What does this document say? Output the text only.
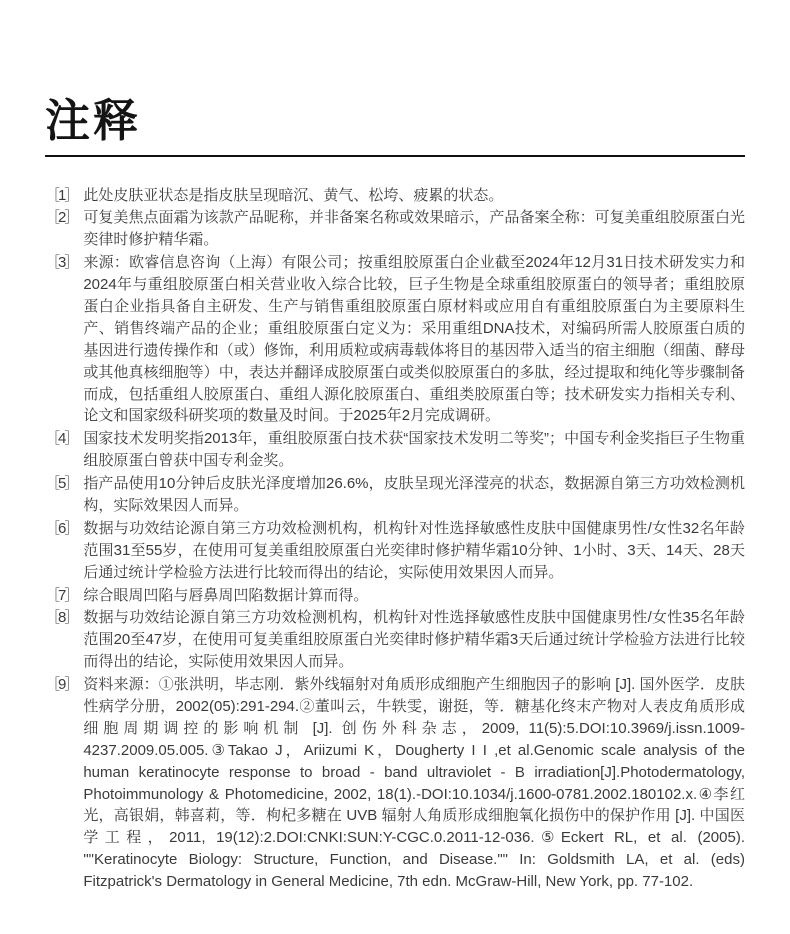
注释
［1］ 此处皮肤亚状态是指皮肤呈现暗沉、黄气、松垮、疲累的状态。
［2］ 可复美焦点面霜为该款产品昵称，并非备案名称或效果暗示，产品备案全称：可复美重组胶原蛋白光奕律时修护精华霜。
［3］ 来源：欧睿信息咨询（上海）有限公司；按重组胶原蛋白企业截至2024年12月31日技术研发实力和2024年与重组胶原蛋白相关营业收入综合比较，巨子生物是全球重组胶原蛋白的领导者；重组胶原蛋白企业指具备自主研发、生产与销售重组胶原蛋白原材料或应用自有重组胶原蛋白为主要原料生产、销售终端产品的企业；重组胶原蛋白定义为：采用重组DNA技术，对编码所需人胶原蛋白质的基因进行遗传操作和（或）修饰，利用质粒或病毒载体将目的基因带入适当的宿主细胞（细菌、酵母或其他真核细胞等）中，表达并翻译成胶原蛋白或类似胶原蛋白的多肽，经过提取和纯化等步骤制备而成，包括重组人胶原蛋白、重组人源化胶原蛋白、重组类胶原蛋白等；技术研发实力指相关专利、论文和国家级科研奖项的数量及时间。于2025年2月完成调研。
［4］ 国家技术发明奖指2013年，重组胶原蛋白技术获“国家技术发明二等奖”；中国专利金奖指巨子生物重组胶原蛋白曾获中国专利金奖。
［5］ 指产品使用10分钟后皮肤光泽度增加26.6%，皮肤呈现光泽滢亮的状态，数据源自第三方功效检测机构，实际效果因人而异。
［6］ 数据与功效结论源自第三方功效检测机构，机构针对性选择敏感性皮肤中国健康男性/女性32名年龄范围31至55岁，在使用可复美重组胶原蛋白光奕律时修护精华霜10分钟、1小时、3天、14天、28天后通过统计学检验方法进行比较而得出的结论，实际使用效果因人而异。
［7］ 综合眼周凹陷与唇鼻周凹陷数据计算而得。
［8］ 数据与功效结论源自第三方功效检测机构，机构针对性选择敏感性皮肤中国健康男性/女性35名年龄范围20至47岁，在使用可复美重组胶原蛋白光奕律时修护精华霜3天后通过统计学检验方法进行比较而得出的结论，实际使用效果因人而异。
［9］ 资料来源：①张洪明，毕志刚．紫外线辐射对角质形成细胞产生细胞因子的影响 [J]. 国外医学．皮肤性病学分册，2002(05):291-294.②董叫云，牛轶雯，谢挺，等．糖基化终末产物对人表皮角质形成细胞周期调控的影响机制 [J]. 创伤外科杂志，2009, 11(5):5.DOI:10.3969/j.issn.1009-4237.2009.05.005.③Takao J，Ariizumi K，Dougherty I I ,et al.Genomic scale analysis of the human keratinocyte response to broad - band ultraviolet - B irradiation[J].Photodermatology, Photoimmunology & Photomedicine, 2002, 18(1).-DOI:10.1034/j.1600-0781.2002.180102.x.④李红光，高银娟，韩喜莉，等．枸杞多糖在 UVB 辐射人角质形成细胞氧化损伤中的保护作用 [J]. 中国医学工程，2011, 19(12):2.DOI:CNKI:SUN:Y-CGC.0.2011-12-036.⑤Eckert RL, et al. (2005). ""Keratinocyte Biology: Structure, Function, and Disease."" In: Goldsmith LA, et al. (eds) Fitzpatrick's Dermatology in General Medicine, 7th edn. McGraw-Hill, New York, pp. 77-102.
